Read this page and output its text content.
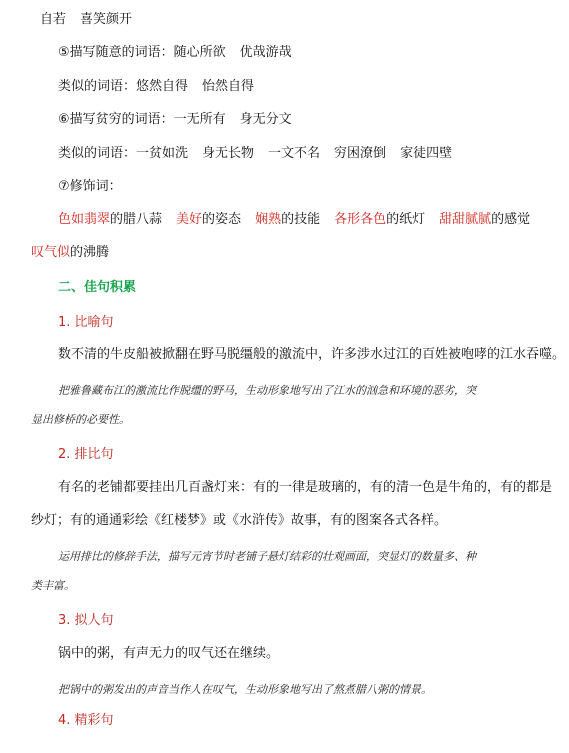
自若 喜笑颜开
⑤描写随意的词语：随心所欲 优哉游哉
类似的词语：悠然自得 怡然自得
⑥描写贫穷的词语：一无所有 身无分文
类似的词语：一贫如洗 身无长物 一文不名 穷困潦倒 家徒四壁
⑦修饰词：
色如翡翠的腊八蒜 美好的姿态 娴熟的技能 各形各色的纸灯 甜甜腻腻的感觉
叹气似的沸腾
二、佳句积累
1. 比喻句
数不清的牛皮船被掀翻在野马脱缰般的激流中，许多涉水过江的百姓被咆哮的江水吞噬。
把雅鲁藏布江的激流比作脱缰的野马，生动形象地写出了江水的汹急和环境的恶劣，突
显出修桥的必要性。
2. 排比句
有名的老铺都要挂出几百盏灯来：有的一律是玻璃的，有的清一色是牛角的，有的都是
纱灯；有的通通彩绘《红楼梦》或《水浒传》故事，有的图案各式各样。
运用排比的修辞手法，描写元宵节时老铺子悬灯结彩的壮观画面，突显灯的数量多、种
类丰富。
3. 拟人句
锅中的粥，有声无力的叹气还在继续。
把锅中的粥发出的声音当作人在叹气，生动形象地写出了熬煮腊八粥的情景。
4. 精彩句
